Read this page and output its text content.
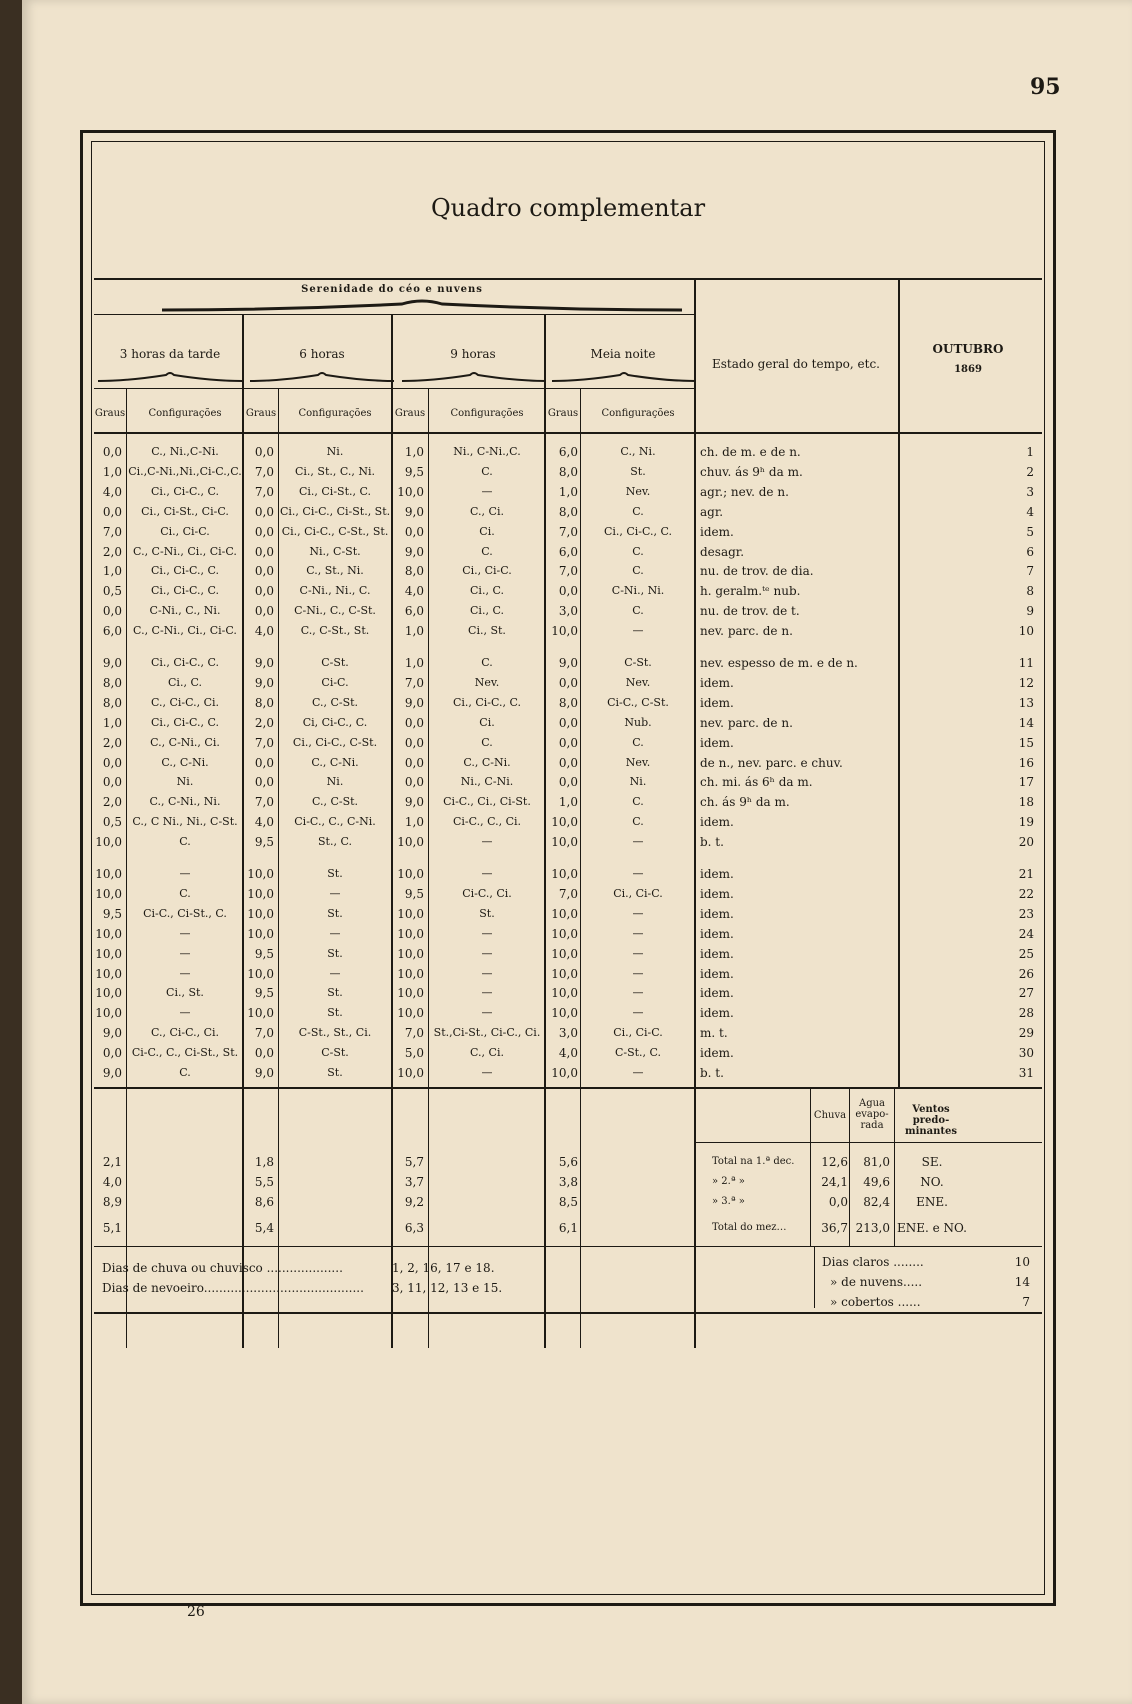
95
Quadro complementar
Serenidade do céo e nuvens
3 horas da tarde	6 horas	9 horas	Meia noite
Estado geral do tempo, etc.
OUTUBRO
1869
Graus	Configurações	Graus	Configurações	Graus	Configurações	Graus	Configurações
0,0	C., Ni.,C-Ni.	0,0	Ni.	1,0	Ni., C-Ni.,C.	6,0	C., Ni.	ch. de m. e de n.	1
1,0 Ci.,C-Ni.,Ni.,Ci-C.,C.	7,0	Ci., St., C., Ni.	9,5	C.	8,0	St.	chuv. ás 9ʰ da m.	2
4,0	Ci., Ci-C., C.	7,0	Ci., Ci-St., C.	10,0	—	1,0	Nev.	agr.; nev. de n.	3
0,0	Ci., Ci-St., Ci-C.	0,0 Ci., Ci-C., Ci-St., St.	9,0	C., Ci.	8,0	C.	agr.	4
7,0	Ci., Ci-C.	0,0 Ci., Ci-C., C-St., St.	0,0	Ci.	7,0	Ci., Ci-C., C.	idem.	5
2,0	C., C-Ni., Ci., Ci-C.	0,0	Ni., C-St.	9,0	C.	6,0	C.	desagr.	6
1,0	Ci., Ci-C., C.	0,0	C., St., Ni.	8,0	Ci., Ci-C.	7,0	C.	nu. de trov. de dia.	7
0,5	Ci., Ci-C., C.	0,0	C-Ni., Ni., C.	4,0	Ci., C.	0,0	C-Ni., Ni.	h. geralm.ᵗᵉ nub.	8
0,0	C-Ni., C., Ni.	0,0	C-Ni., C., C-St.	6,0	Ci., C.	3,0	C.	nu. de trov. de t.	9
6,0	C., C-Ni., Ci., Ci-C.	4,0	C., C-St., St.	1,0	Ci., St.	10,0	—	nev. parc. de n.	10
9,0	Ci., Ci-C., C.	9,0	C-St.	1,0	C.	9,0	C-St.	nev. espesso de m. e de n.	11
8,0	Ci., C.	9,0	Ci-C.	7,0	Nev.	0,0	Nev.	idem.	12
8,0	C., Ci-C., Ci.	8,0	C., C-St.	9,0	Ci., Ci-C., C.	8,0	Ci-C., C-St.	idem.	13
1,0	Ci., Ci-C., C.	2,0	Ci, Ci-C., C.	0,0	Ci.	0,0	Nub.	nev. parc. de n.	14
2,0	C., C-Ni., Ci.	7,0	Ci., Ci-C., C-St.	0,0	C.	0,0	C.	idem.	15
0,0	C., C-Ni.	0,0	C., C-Ni.	0,0	C., C-Ni.	0,0	Nev.	de n., nev. parc. e chuv.	16
0,0	Ni.	0,0	Ni.	0,0	Ni., C-Ni.	0,0	Ni.	ch. mi. ás 6ʰ da m.	17
2,0	C., C-Ni., Ni.	7,0	C., C-St.	9,0	Ci-C., Ci., Ci-St.	1,0	C.	ch. ás 9ʰ da m.	18
0,5 C., C Ni., Ni., C-St.	4,0	Ci-C., C., C-Ni.	1,0	Ci-C., C., Ci.	10,0	C.	idem.	19
10,0	C.	9,5	St., C.	10,0	—	10,0	—	b. t.	20
10,0	—	10,0	St.	10,0	—	10,0	—	idem.	21
10,0	C.	10,0	—	9,5	Ci-C., Ci.	7,0	Ci., Ci-C.	idem.	22
9,5	Ci-C., Ci-St., C.	10,0	St.	10,0	St.	10,0	—	idem.	23
10,0	—	10,0	—	10,0	—	10,0	—	idem.	24
10,0	—	9,5	St.	10,0	—	10,0	—	idem.	25
10,0	—	10,0	—	10,0	—	10,0	—	idem.	26
10,0	Ci., St.	9,5	St.	10,0	—	10,0	—	idem.	27
10,0	—	10,0	St.	10,0	—	10,0	—	idem.	28
9,0	C., Ci-C., Ci.	7,0	C-St., St., Ci.	7,0 St.,Ci-St., Ci-C., Ci.	3,0	Ci., Ci-C.	m. t.	29
0,0 Ci-C., C., Ci-St., St.	0,0	C-St.	5,0	C., Ci.	4,0	C-St., C.	idem.	30
9,0	C.	9,0	St.	10,0	—	10,0	—	b. t.	31
Chuva
Agua evapo-rada
Ventos predo-minantes
2,1	1,8	5,7	5,6	Total na 1.ª dec.	12,6	81,0	SE.
4,0	5,5	3,7	3,8	» 2.ª »	24,1	49,6	NO.
8,9	8,6	9,2	8,5	» 3.ª »	0,0	82,4	ENE.
5,1	5,4	6,3	6,1	Total do mez…	36,7 213,0 ENE. e NO.
Dias de chuva ou chuvisco ....................	1, 2, 16, 17 e 18.
Dias de nevoeiro.......................................... 3, 11, 12, 13 e 15.
Dias claros ........	10
» de nuvens.....	14
» cobertos ......	7
26
